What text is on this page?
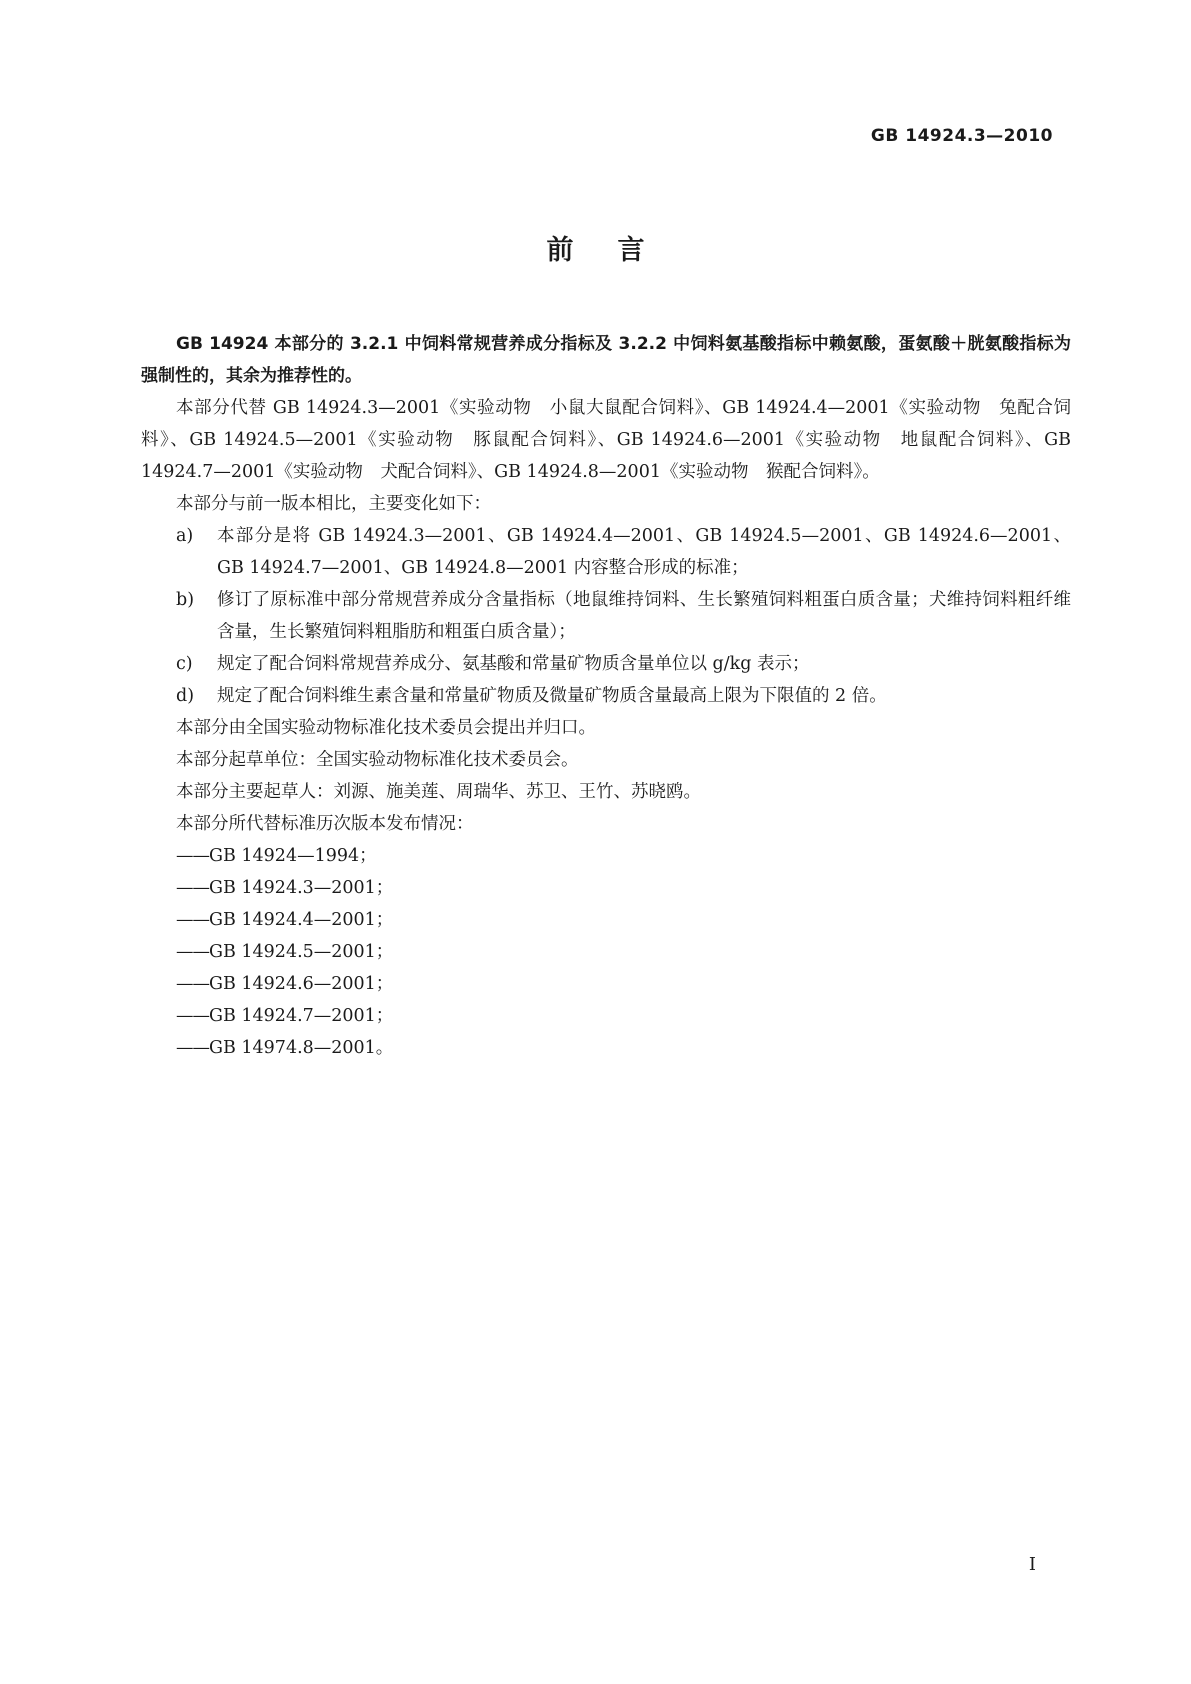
GB 14924.3—2010
前言

GB 14924 本部分的 3.2.1 中饲料常规营养成分指标及 3.2.2 中饲料氨基酸指标中赖氨酸，蛋氨酸＋胱氨酸指标为强制性的，其余为推荐性的。

本部分代替 GB 14924.3—2001《实验动物　小鼠大鼠配合饲料》、GB 14924.4—2001《实验动物　兔配合饲料》、GB 14924.5—2001《实验动物　豚鼠配合饲料》、GB 14924.6—2001《实验动物　地鼠配合饲料》、GB 14924.7—2001《实验动物　犬配合饲料》、GB 14924.8—2001《实验动物　猴配合饲料》。

本部分与前一版本相比，主要变化如下：

a) 本部分是将 GB 14924.3—2001、GB 14924.4—2001、GB 14924.5—2001、GB 14924.6—2001、GB 14924.7—2001、GB 14924.8—2001 内容整合形成的标准；
b) 修订了原标准中部分常规营养成分含量指标（地鼠维持饲料、生长繁殖饲料粗蛋白质含量；犬维持饲料粗纤维含量，生长繁殖饲料粗脂肪和粗蛋白质含量）；
c) 规定了配合饲料常规营养成分、氨基酸和常量矿物质含量单位以 g/kg 表示；
d) 规定了配合饲料维生素含量和常量矿物质及微量矿物质含量最高上限为下限值的 2 倍。

本部分由全国实验动物标准化技术委员会提出并归口。

本部分起草单位：全国实验动物标准化技术委员会。

本部分主要起草人：刘源、施美莲、周瑞华、苏卫、王竹、苏晓鸥。

本部分所代替标准历次版本发布情况：

——GB 14924—1994；
——GB 14924.3—2001；
——GB 14924.4—2001；
——GB 14924.5—2001；
——GB 14924.6—2001；
——GB 14924.7—2001；
——GB 14974.8—2001。
I
